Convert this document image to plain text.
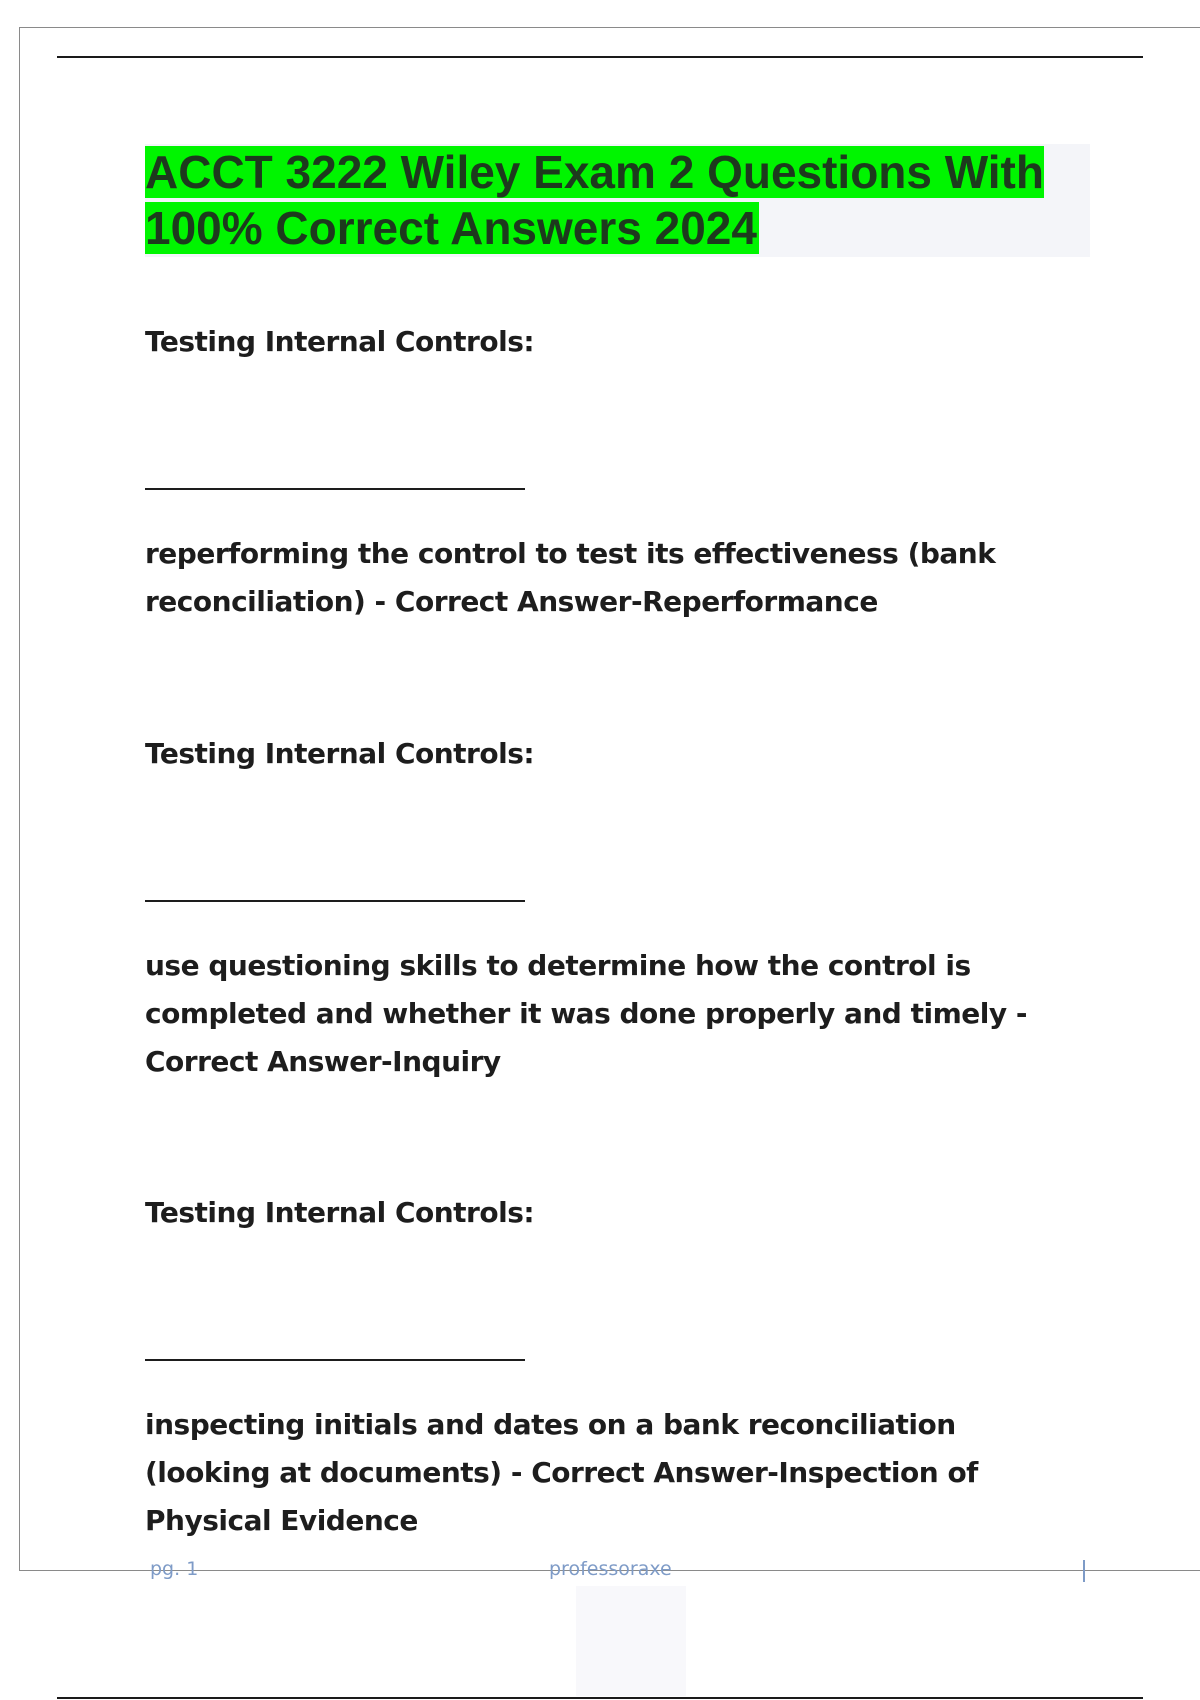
ACCT 3222 Wiley Exam 2 Questions With 100% Correct Answers 2024

Testing Internal Controls:

reperforming the control to test its effectiveness (bank reconciliation) - Correct Answer-Reperformance

Testing Internal Controls:

use questioning skills to determine how the control is completed and whether it was done properly and timely - Correct Answer-Inquiry

Testing Internal Controls:

inspecting initials and dates on a bank reconciliation (looking at documents) - Correct Answer-Inspection of Physical Evidence

pg. 1	professoraxe
